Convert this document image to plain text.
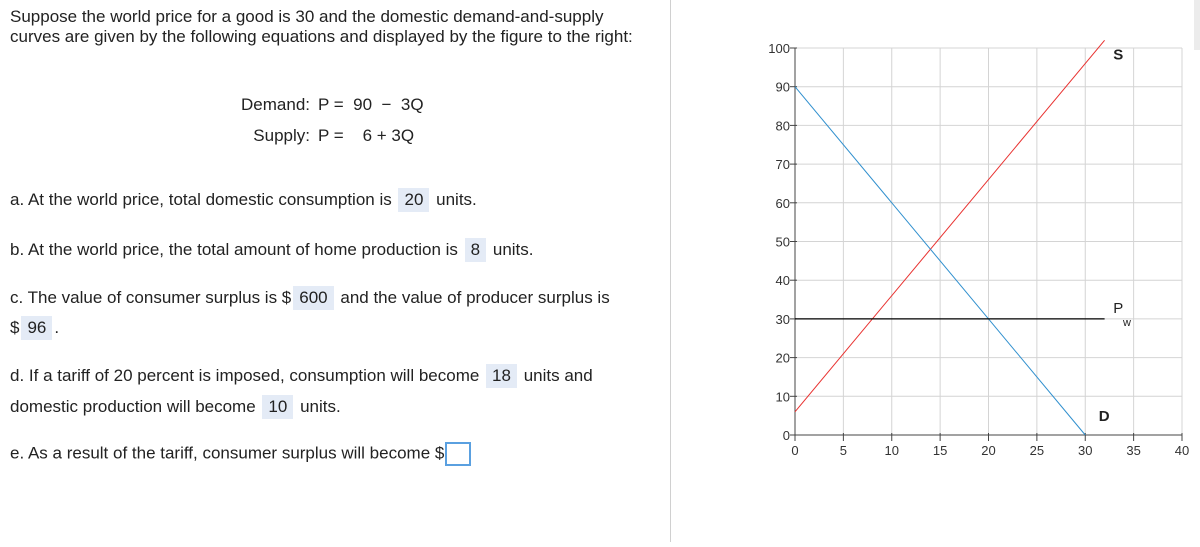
Suppose the world price for a good is 30 and the domestic demand-and-supply curves are given by the following equations and displayed by the figure to the right:
Demand: P =  90  −  3Q
Supply: P =    6 + 3Q
a. At the world price, total domestic consumption is 20 units.
b. At the world price, the total amount of home production is 8 units.
c. The value of consumer surplus is $ 600 and the value of producer surplus is
$ 96 .
d. If a tariff of 20 percent is imposed, consumption will become 18 units and
domestic production will become 10 units.
e. As a result of the tariff, consumer surplus will become $
0
10
20
30
40
50
60
70
80
90
100
0	5	10	15	20	25	30	35	40
S
D
P
w
